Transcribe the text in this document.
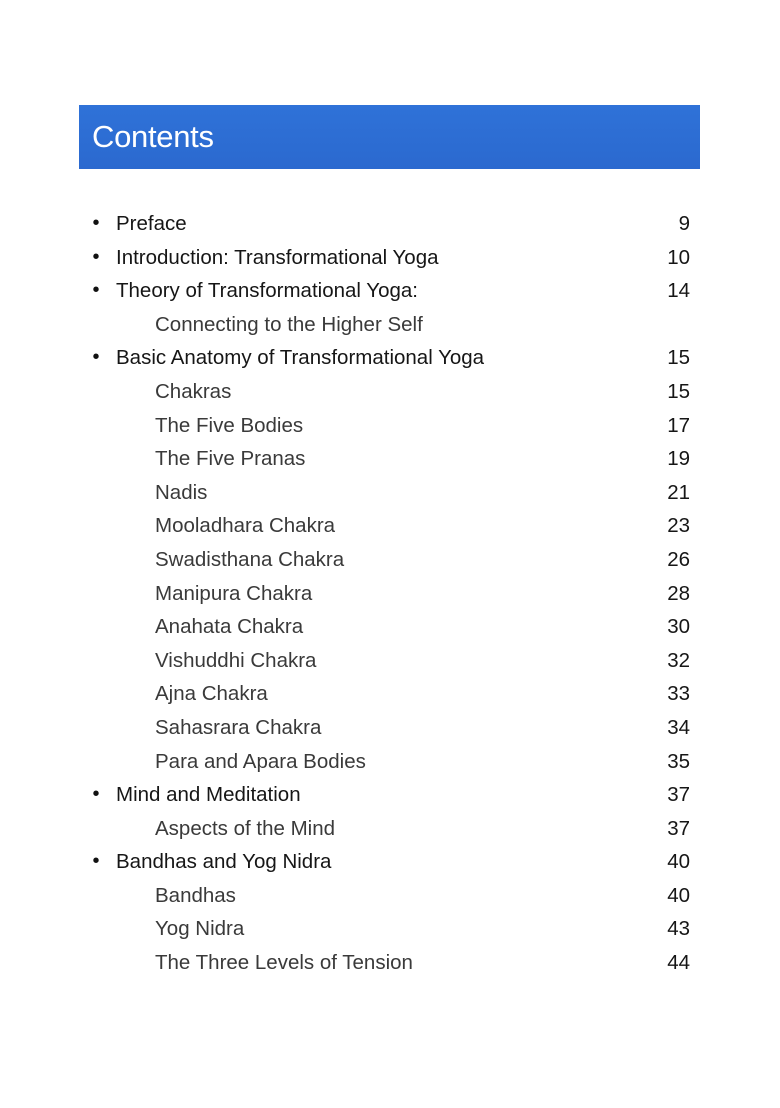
Contents
• Preface	9
• Introduction: Transformational Yoga	10
• Theory of Transformational Yoga:	14
Connecting to the Higher Self
• Basic Anatomy of Transformational Yoga	15
Chakras	15
The Five Bodies	17
The Five Pranas	19
Nadis	21
Mooladhara Chakra	23
Swadisthana Chakra	26
Manipura Chakra	28
Anahata Chakra	30
Vishuddhi Chakra	32
Ajna Chakra	33
Sahasrara Chakra	34
Para and Apara Bodies	35
• Mind and Meditation	37
Aspects of the Mind	37
• Bandhas and Yog Nidra	40
Bandhas	40
Yog Nidra	43
The Three Levels of Tension	44
